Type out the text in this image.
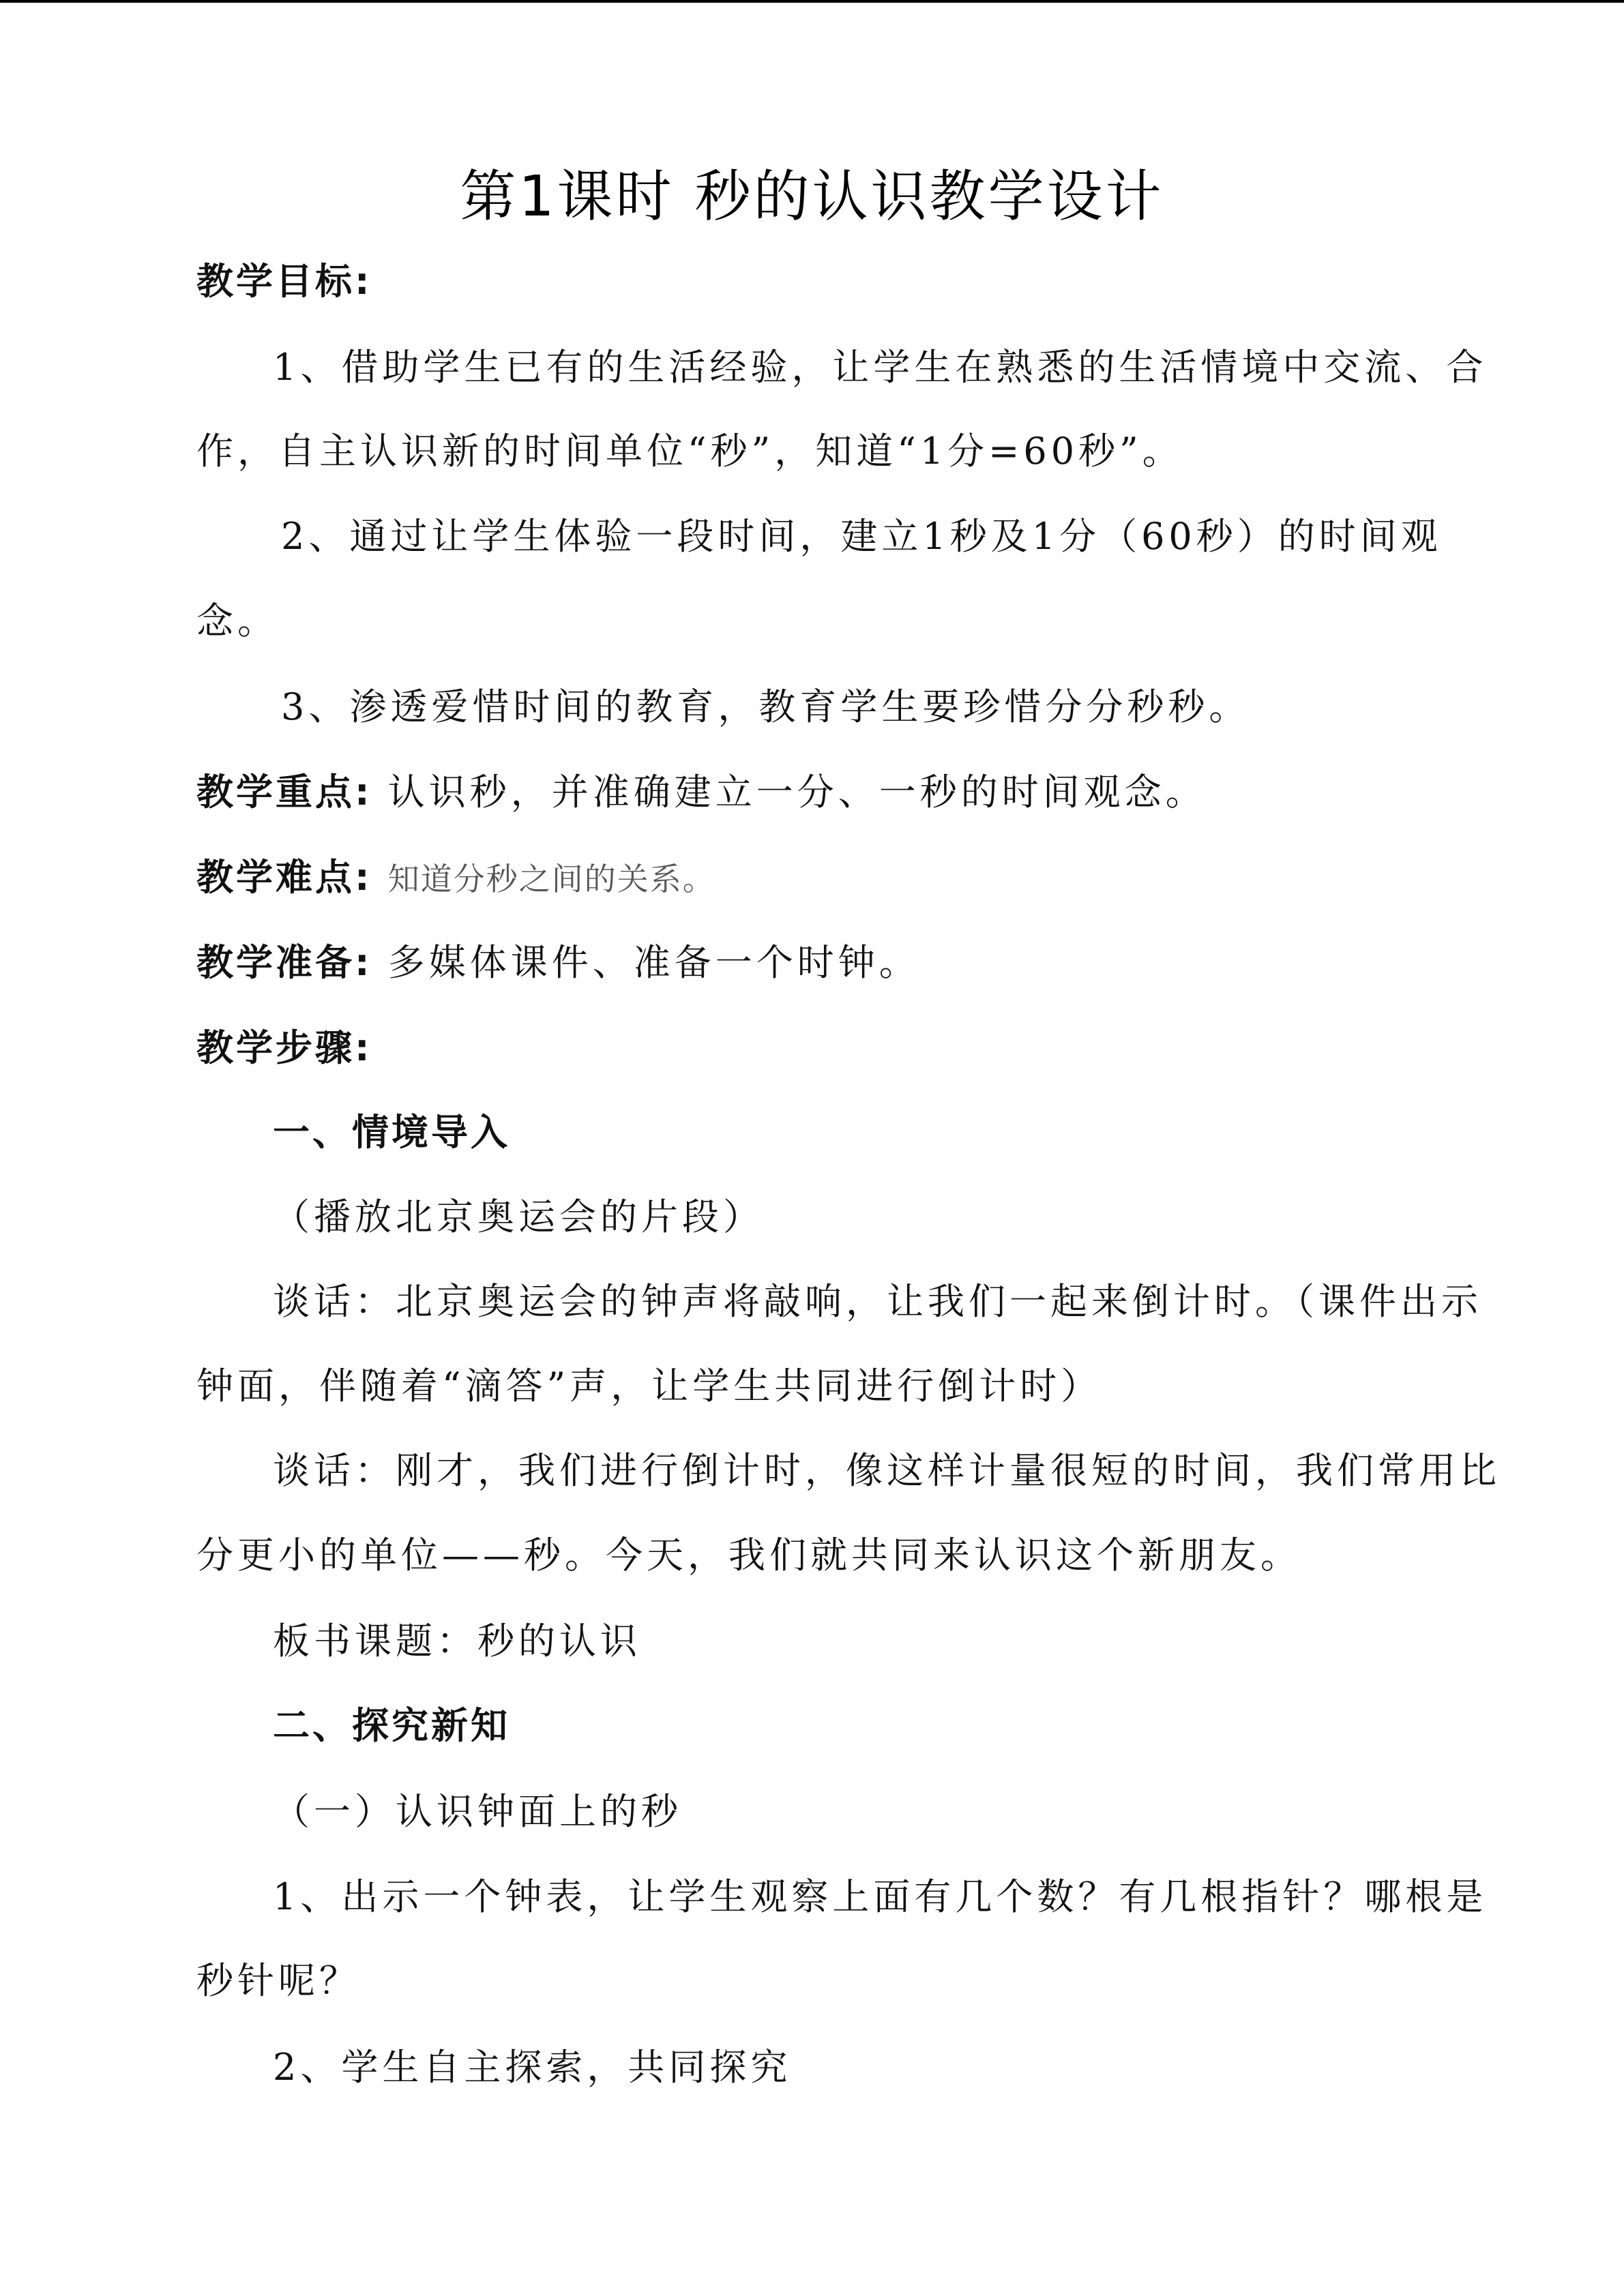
第1课时 秒的认识教学设计
教学目标:
1、借助学生已有的生活经验，让学生在熟悉的生活情境中交流、合
作，自主认识新的时间单位“秒”，知道“1分=60秒”。
2、通过让学生体验一段时间，建立1秒及1分（60秒）的时间观
念。
3、渗透爱惜时间的教育，教育学生要珍惜分分秒秒。
教学重点: 认识秒，并准确建立一分、一秒的时间观念。
教学难点: 知道分秒之间的关系。
教学准备: 多媒体课件、准备一个时钟。
教学步骤:
一、情境导入
（播放北京奥运会的片段）
谈话：北京奥运会的钟声将敲响，让我们一起来倒计时。（课件出示
钟面，伴随着“滴答”声，让学生共同进行倒计时）
谈话：刚才，我们进行倒计时，像这样计量很短的时间，我们常用比
分更小的单位——秒。今天，我们就共同来认识这个新朋友。
板书课题：秒的认识
二、探究新知
（一）认识钟面上的秒
1、出示一个钟表，让学生观察上面有几个数？有几根指针？哪根是
秒针呢？
2、学生自主探索，共同探究
